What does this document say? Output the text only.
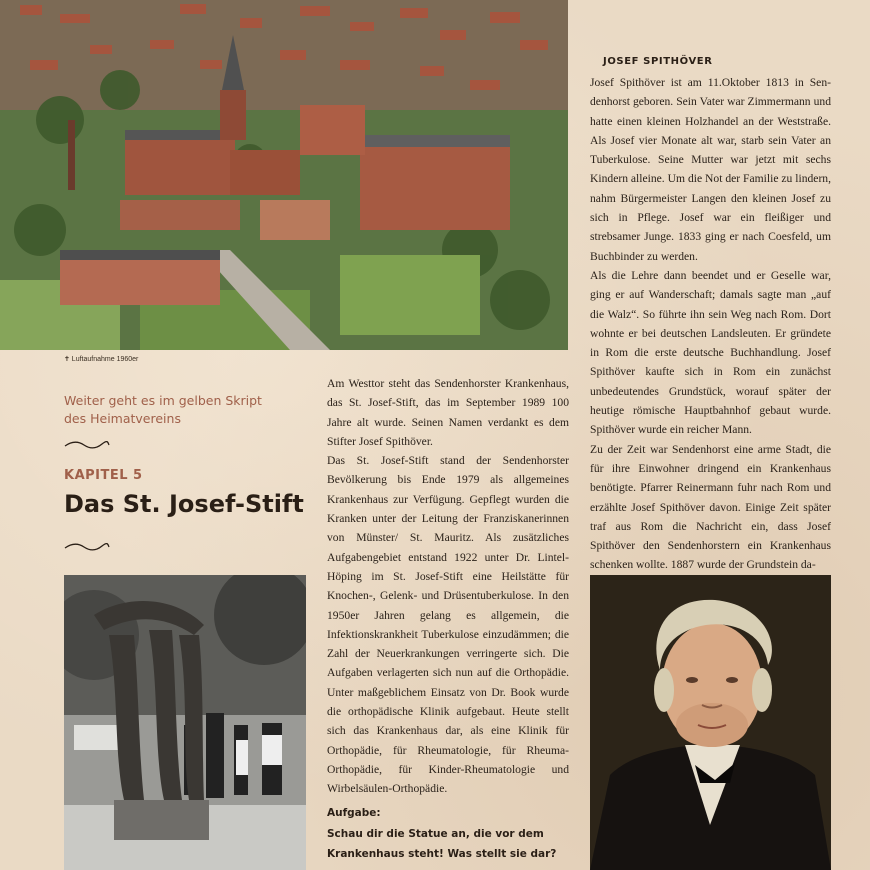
✝ Luftaufnahme 1960er
Weiter geht es im gelben Skript
des Heimatvereins
KAPITEL 5
Das St. Josef-Stift

Am Westtor steht das Sendenhorster Krankenhaus, das St. Josef-Stift, das im September 1989 100 Jahre alt wurde. Seinen Namen verdankt es dem Stifter Josef Spithöver.

Das St. Josef-Stift stand der Sendenhorster Bevölkerung bis Ende 1979 als allgemeines Krankenhaus zur Verfügung. Gepflegt wurden die Kranken unter der Leitung der Franziskanerinnen von Münster/ St. Mauritz. Als zusätzliches Aufgabengebiet entstand 1922 unter Dr. Lintel-Höping im St. Josef-Stift eine Heilstätte für Knochen-, Gelenk- und Drüsentuberkulose. In den 1950er Jahren gelang es allgemein, die Infektionskrankheit Tuberkulose einzudämmen; die Zahl der Neuerkrankungen verringerte sich. Die Aufgaben verlagerten sich nun auf die Orthopädie. Unter maßgeblichem Einsatz von Dr. Book wurde die orthopädische Klinik aufgebaut. Heute stellt sich das Krankenhaus dar, als eine Klinik für Orthopädie, für Rheumatologie, für Rheuma-Orthopädie, für Kinder-Rheumatologie und Wirbelsäulen-Orthopädie.

Aufgabe:
Schau dir die Statue an, die vor dem Krankenhaus steht! Was stellt sie dar?
JOSEF SPITHÖVER

Josef Spithöver ist am 11.Oktober 1813 in Sendenhorst geboren. Sein Vater war Zimmermann und hatte einen kleinen Holzhandel an der Weststraße. Als Josef vier Monate alt war, starb sein Vater an Tuberkulose. Seine Mutter war jetzt mit sechs Kindern alleine. Um die Not der Familie zu lindern, nahm Bürgermeister Langen den kleinen Josef zu sich in Pflege. Josef war ein fleißiger und strebsamer Junge. 1833 ging er nach Coesfeld, um Buchbinder zu werden.

Als die Lehre dann beendet und er Geselle war, ging er auf Wanderschaft; damals sagte man „auf die Walz“. So führte ihn sein Weg nach Rom. Dort wohnte er bei deutschen Landsleuten. Er gründete in Rom die erste deutsche Buchhandlung. Josef Spithöver kaufte sich in Rom ein zunächst unbedeutendes Grundstück, worauf später der heutige römische Hauptbahnhof gebaut wurde. Spithöver wurde ein reicher Mann.

Zu der Zeit war Sendenhorst eine arme Stadt, die für ihre Einwohner dringend ein Krankenhaus benötigte. Pfarrer Reinermann fuhr nach Rom und erzählte Josef Spithöver davon. Einige Zeit später traf aus Rom die Nachricht ein, dass Josef Spithöver den Sendenhorstern ein Krankenhaus schenken wollte. 1887 wurde der Grundstein da-
